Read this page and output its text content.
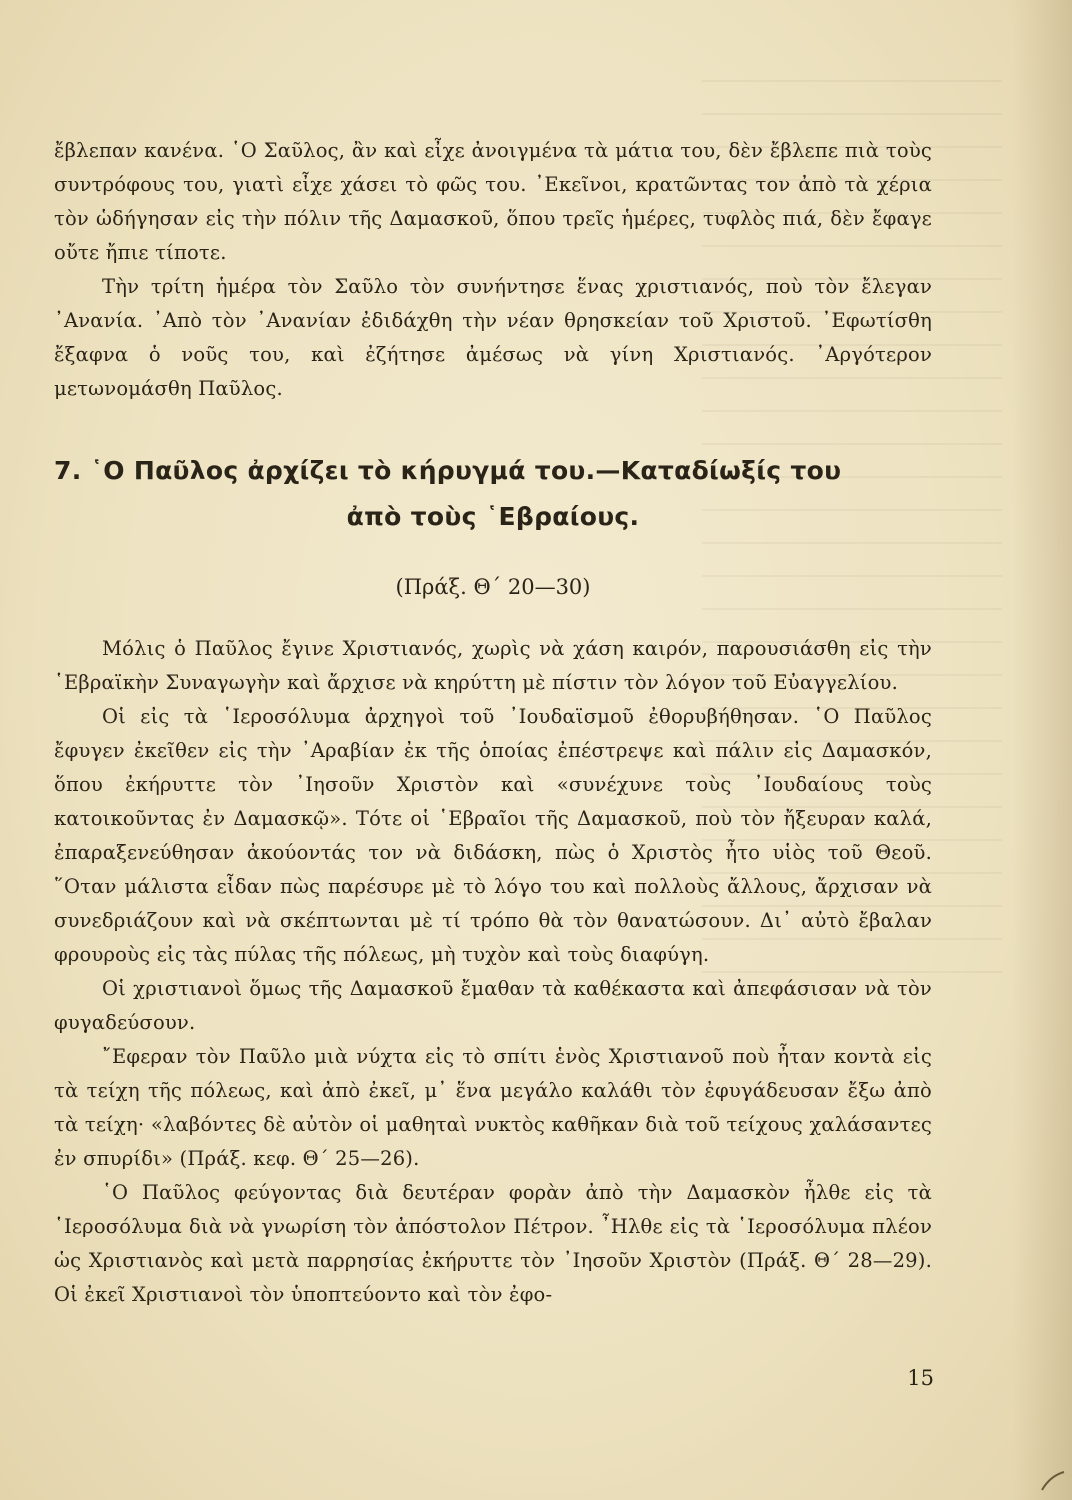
ἔβλεπαν κανένα. ῾Ο Σαῦλος, ἂν καὶ εἶχε ἀνοιγμένα τὰ μάτια του, δὲν ἔβλεπε πιὰ τοὺς συντρόφους του, γιατὶ εἶχε χάσει τὸ φῶς του. ᾿Εκεῖνοι, κρατῶντας τον ἀπὸ τὰ χέρια τὸν ὡδήγησαν εἰς τὴν πόλιν τῆς Δαμασκοῦ, ὅπου τρεῖς ἡμέρες, τυφλὸς πιά, δὲν ἔφαγε οὔτε ἤπιε τίποτε.

Τὴν τρίτη ἡμέρα τὸν Σαῦλο τὸν συνήντησε ἕνας χριστιανός, ποὺ τὸν ἔλεγαν ᾿Ανανία. ᾿Απὸ τὸν ᾿Ανανίαν ἐδιδάχθη τὴν νέαν θρησκείαν τοῦ Χριστοῦ. ᾿Εφωτίσθη ἔξαφνα ὁ νοῦς του, καὶ ἐζήτησε ἀμέσως νὰ γίνη Χριστιανός. ᾿Αργότερον μετωνομάσθη Παῦλος.

7. ῾Ο Παῦλος ἀρχίζει τὸ κήρυγμά του.—Καταδίωξίς του
ἀπὸ τοὺς ῾Εβραίους.
(Πράξ. Θ΄ 20—30)

Μόλις ὁ Παῦλος ἔγινε Χριστιανός, χωρὶς νὰ χάση καιρόν, παρουσιάσθη εἰς τὴν ῾Εβραϊκὴν Συναγωγὴν καὶ ἄρχισε νὰ κηρύττη μὲ πίστιν τὸν λόγον τοῦ Εὐαγγελίου.

Οἱ εἰς τὰ ῾Ιεροσόλυμα ἀρχηγοὶ τοῦ ᾿Ιουδαϊσμοῦ ἐθορυβήθησαν. ῾Ο Παῦλος ἔφυγεν ἐκεῖθεν εἰς τὴν ᾿Αραβίαν ἐκ τῆς ὁποίας ἐπέστρεψε καὶ πάλιν εἰς Δαμασκόν, ὅπου ἐκήρυττε τὸν ᾿Ιησοῦν Χριστὸν καὶ «συνέχυνε τοὺς ᾿Ιουδαίους τοὺς κατοικοῦντας ἐν Δαμασκῷ». Τότε οἱ ῾Εβραῖοι τῆς Δαμασκοῦ, ποὺ τὸν ἤξευραν καλά, ἐπαραξενεύθησαν ἀκούοντάς τον νὰ διδάσκη, πὼς ὁ Χριστὸς ἦτο υἱὸς τοῦ Θεοῦ. ῞Οταν μάλιστα εἶδαν πὼς παρέσυρε μὲ τὸ λόγο του καὶ πολλοὺς ἄλλους, ἄρχισαν νὰ συνεδριάζουν καὶ νὰ σκέπτωνται μὲ τί τρόπο θὰ τὸν θανατώσουν. Δι᾿ αὐτὸ ἔβαλαν φρουροὺς εἰς τὰς πύλας τῆς πόλεως, μὴ τυχὸν καὶ τοὺς διαφύγη.

Οἱ χριστιανοὶ ὅμως τῆς Δαμασκοῦ ἔμαθαν τὰ καθέκαστα καὶ ἀπεφάσισαν νὰ τὸν φυγαδεύσουν.

῎Εφεραν τὸν Παῦλο μιὰ νύχτα εἰς τὸ σπίτι ἑνὸς Χριστιανοῦ ποὺ ἦταν κοντὰ εἰς τὰ τείχη τῆς πόλεως, καὶ ἀπὸ ἐκεῖ, μ᾿ ἕνα μεγάλο καλάθι τὸν ἐφυγάδευσαν ἔξω ἀπὸ τὰ τείχη· «λαβόντες δὲ αὐτὸν οἱ μαθηταὶ νυκτὸς καθῆκαν διὰ τοῦ τείχους χαλάσαντες ἐν σπυρίδι» (Πράξ. κεφ. Θ΄ 25—26).

῾Ο Παῦλος φεύγοντας διὰ δευτέραν φορὰν ἀπὸ τὴν Δαμασκὸν ἦλθε εἰς τὰ ῾Ιεροσόλυμα διὰ νὰ γνωρίση τὸν ἀπόστολον Πέτρον. ῏Ηλθε εἰς τὰ ῾Ιεροσόλυμα πλέον ὡς Χριστιανὸς καὶ μετὰ παρρησίας ἐκήρυττε τὸν ᾿Ιησοῦν Χριστὸν (Πράξ. Θ΄ 28—29). Οἱ ἐκεῖ Χριστιανοὶ τὸν ὑποπτεύοντο καὶ τὸν ἐφο-

15
